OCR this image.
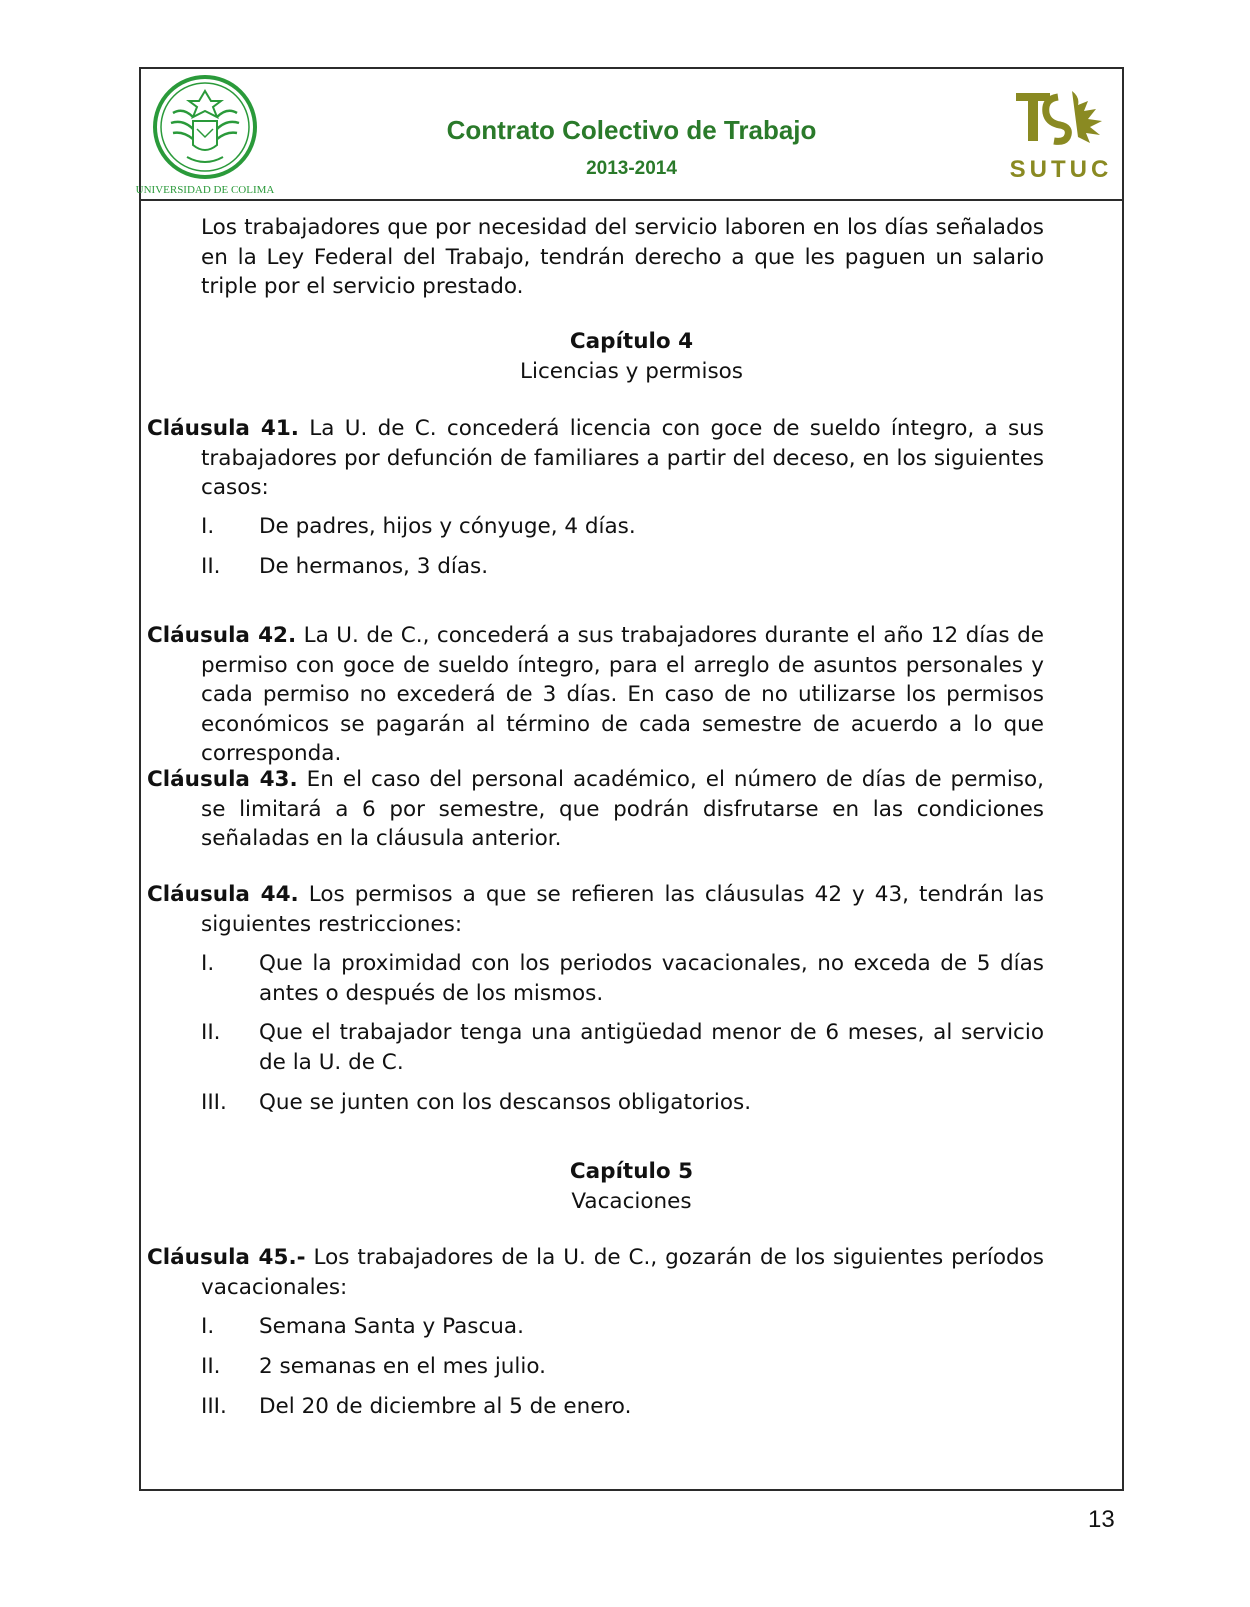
UNIVERSIDAD DE COLIMA
Contrato Colectivo de Trabajo
2013-2014	SUTUC
Los trabajadores que por necesidad del servicio laboren en los días señalados en la Ley Federal del Trabajo, tendrán derecho a que les paguen un salario triple por el servicio prestado.
Capítulo 4
Licencias y permisos
Cláusula 41. La U. de C. concederá licencia con goce de sueldo íntegro, a sus trabajadores por defunción de familiares a partir del deceso, en los siguientes casos:
I. De padres, hijos y cónyuge, 4 días.
II. De hermanos, 3 días.
Cláusula 42. La U. de C., concederá a sus trabajadores durante el año 12 días de permiso con goce de sueldo íntegro, para el arreglo de asuntos personales y cada permiso no excederá de 3 días. En caso de no utilizarse los permisos económicos se pagarán al término de cada semestre de acuerdo a lo que corresponda.
Cláusula 43. En el caso del personal académico, el número de días de permiso, se limitará a 6 por semestre, que podrán disfrutarse en las condiciones señaladas en la cláusula anterior.
Cláusula 44. Los permisos a que se refieren las cláusulas 42 y 43, tendrán las siguientes restricciones:
I. Que la proximidad con los periodos vacacionales, no exceda de 5 días antes o después de los mismos.
II. Que el trabajador tenga una antigüedad menor de 6 meses, al servicio de la U. de C.
III. Que se junten con los descansos obligatorios.
Capítulo 5
Vacaciones
Cláusula 45.- Los trabajadores de la U. de C., gozarán de los siguientes períodos vacacionales:
I. Semana Santa y Pascua.
II. 2 semanas en el mes julio.
III. Del 20 de diciembre al 5 de enero.
13
